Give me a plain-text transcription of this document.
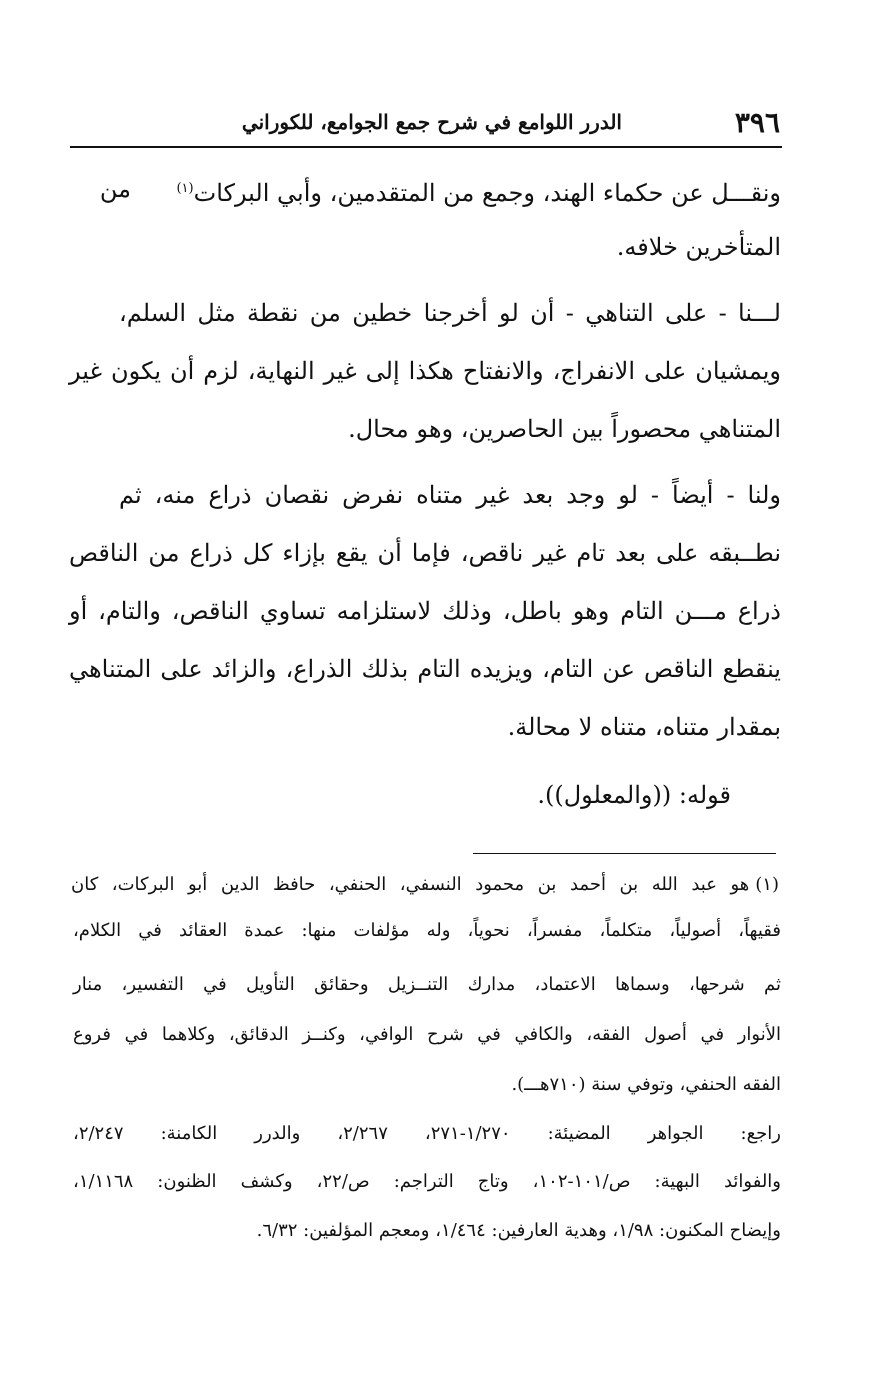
٣٩٦
الدرر اللوامع في شرح جمع الجوامع، للكوراني
ونقـــل عن حكماء الهند، وجمع من المتقدمين، وأبي البركات$^{(١)}$
من
المتأخرين خلافه.
لـــنا - على التناهي - أن لو أخرجنا خطين من نقطة مثل السلم،
ويمشيان على الانفراج، والانفتاح هكذا إلى غير النهاية، لزم أن يكون غير
المتناهي محصوراً بين الحاصرين، وهو محال.
ولنا - أيضاً - لو وجد بعد غير متناه نفرض نقصان ذراع منه، ثم
نطــبقه على بعد تام غير ناقص، فإما أن يقع بإزاء كل ذراع من الناقص
ذراع مـــن التام وهو باطل، وذلك لاستلزامه تساوي الناقص، والتام، أو
ينقطع الناقص عن التام، ويزيده التام بذلك الذراع، والزائد على المتناهي
بمقدار متناه، متناه لا محالة.
قوله: ((والمعلول)).
(١)هو عبد الله بن أحمد بن محمود النسفي، الحنفي، حافظ الدين أبو البركات، كان
فقيهاً، أصولياً، متكلماً، مفسراً، نحوياً، وله مؤلفات منها: عمدة العقائد في الكلام،
ثم شرحها، وسماها الاعتماد، مدارك التنــزيل وحقائق التأويل في التفسير، منار
الأنوار في أصول الفقه، والكافي في شرح الوافي، وكنــز الدقائق، وكلاهما في فروع
الفقه الحنفي، وتوفي سنة (٧١٠هـــ).
راجع: الجواهر المضيئة: ١/٢٧٠-٢٧١، ٢/٢٦٧، والدرر الكامنة: ٢/٢٤٧،
والفوائد البهية: ص/١٠١-١٠٢، وتاج التراجم: ص/٢٢، وكشف الظنون: ١/١١٦٨،
وإيضاح المكنون: ١/٩٨، وهدية العارفين: ١/٤٦٤، ومعجم المؤلفين: ٦/٣٢.
